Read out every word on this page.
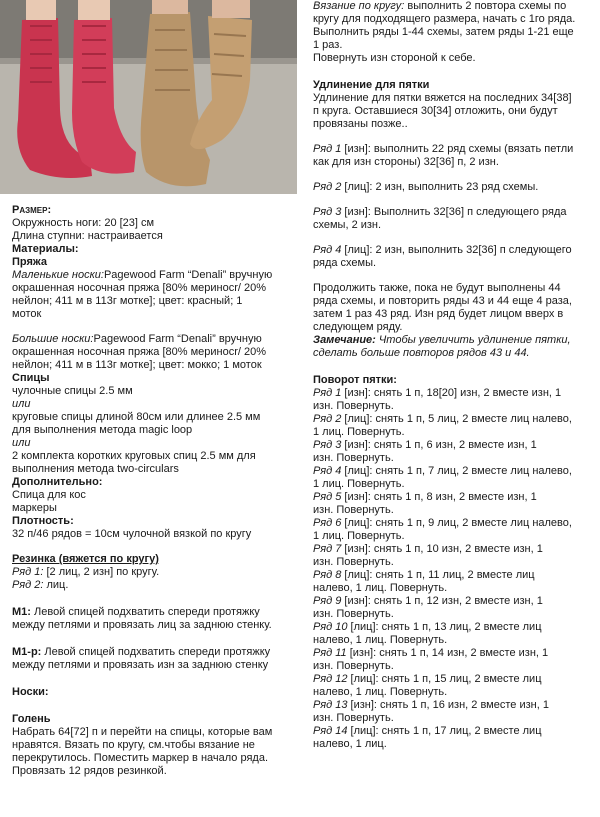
Размер:

Окружность ноги: 20 [23] см

Длина ступни: настраивается

Материалы:

Пряжа

Маленькие носки:Pagewood Farm “Denali” вручную

окрашенная носочная пряжа [80% мериносr/ 20%

нейлон; 411 м в 113г мотке]; цвет: красный; 1

моток

Большие носки:Pagewood Farm “Denali” вручную

окрашенная носочная пряжа [80% мериносr/ 20%

нейлон; 411 м в 113г мотке]; цвет: мокко; 1 моток

Спицы

чулочные спицы 2.5 мм

или

круговые спицы длиной 80см или длинее 2.5 мм

для выполнения метода magic loop

или

2 комплекта коротких круговых спиц 2.5 мм для

выполнения метода two-circulars

Дополнительно:

Спица для кос

маркеры

Плотность:

32 п/46 рядов = 10см чулочной вязкой по кругу

Резинка (вяжется по кругу)

Ряд 1: [2 лиц, 2 изн] по кругу.

Ряд 2: лиц.

M1: Левой спицей подхватить спереди протяжку

между петлями и провязать лиц за заднюю стенку.

M1-p: Левой спицей подхватить спереди протяжку

между петлями и провязать изн за заднюю стенку

Носки:

Голень

Набрать 64[72] п и перейти на спицы, которые вам

нравятся. Вязать по кругу, см.чтобы вязание не

перекрутилось. Поместить маркер в начало ряда.

Провязать 12 рядов резинкой.

Вязание по кругу: выполнить 2 повтора схемы по

кругу для подходящего размера, начать с 1го ряда.

Выполнить ряды 1-44 схемы, затем ряды 1-21 еще

1 раз.

Повернуть изн стороной к себе.

Удлинение для пятки

Удлинение для пятки вяжется на последних 34[38]

п круга. Оставшиеся 30[34] отложить, они будут

провязаны позже..

Ряд 1 [изн]: выполнить 22 ряд схемы (вязать петли

как для изн стороны) 32[36] п, 2 изн.

Ряд 2 [лиц]: 2 изн, выполнить 23 ряд схемы.

Ряд 3 [изн]: Выполнить 32[36] п следующего ряда

схемы, 2 изн.

Ряд 4 [лиц]: 2 изн, выполнить 32[36] п следующего

ряда схемы.

Продолжить также, пока не будут выполнены 44

ряда схемы, и повторить ряды 43 и 44 еще 4 раза,

затем 1 раз 43 ряд. Изн ряд будет лицом вверх в

следующем ряду.

Замечание: Чтобы увеличить удлинение пятки,

сделать больше повторов рядов 43 и 44.

Поворот пятки:

Ряд 1 [изн]: снять 1 п, 18[20] изн, 2 вместе изн, 1

изн. Повернуть.

Ряд 2 [лиц]: снять 1 п, 5 лиц, 2 вместе лиц налево,

1 лиц. Повернуть.

Ряд 3 [изн]: снять 1 п, 6 изн, 2 вместе изн, 1

изн. Повернуть.

Ряд 4 [лиц]: снять 1 п, 7 лиц, 2 вместе лиц налево,

1 лиц. Повернуть.

Ряд 5 [изн]: снять 1 п, 8 изн, 2 вместе изн, 1

изн. Повернуть.

Ряд 6 [лиц]: снять 1 п, 9 лиц, 2 вместе лиц налево,

1 лиц. Повернуть.

Ряд 7 [изн]: снять 1 п, 10 изн, 2 вместе изн, 1

изн. Повернуть.

Ряд 8 [лиц]: снять 1 п, 11 лиц, 2 вместе лиц

налево, 1 лиц. Повернуть.

Ряд 9 [изн]: снять 1 п, 12 изн, 2 вместе изн, 1

изн. Повернуть.

Ряд 10 [лиц]: снять 1 п, 13 лиц, 2 вместе лиц

налево, 1 лиц. Повернуть.

Ряд 11 [изн]: снять 1 п, 14 изн, 2 вместе изн, 1

изн. Повернуть.

Ряд 12 [лиц]: снять 1 п, 15 лиц, 2 вместе лиц

налево, 1 лиц. Повернуть.

Ряд 13 [изн]: снять 1 п, 16 изн, 2 вместе изн, 1

изн. Повернуть.

Ряд 14 [лиц]: снять 1 п, 17 лиц, 2 вместе лиц

налево, 1 лиц.
